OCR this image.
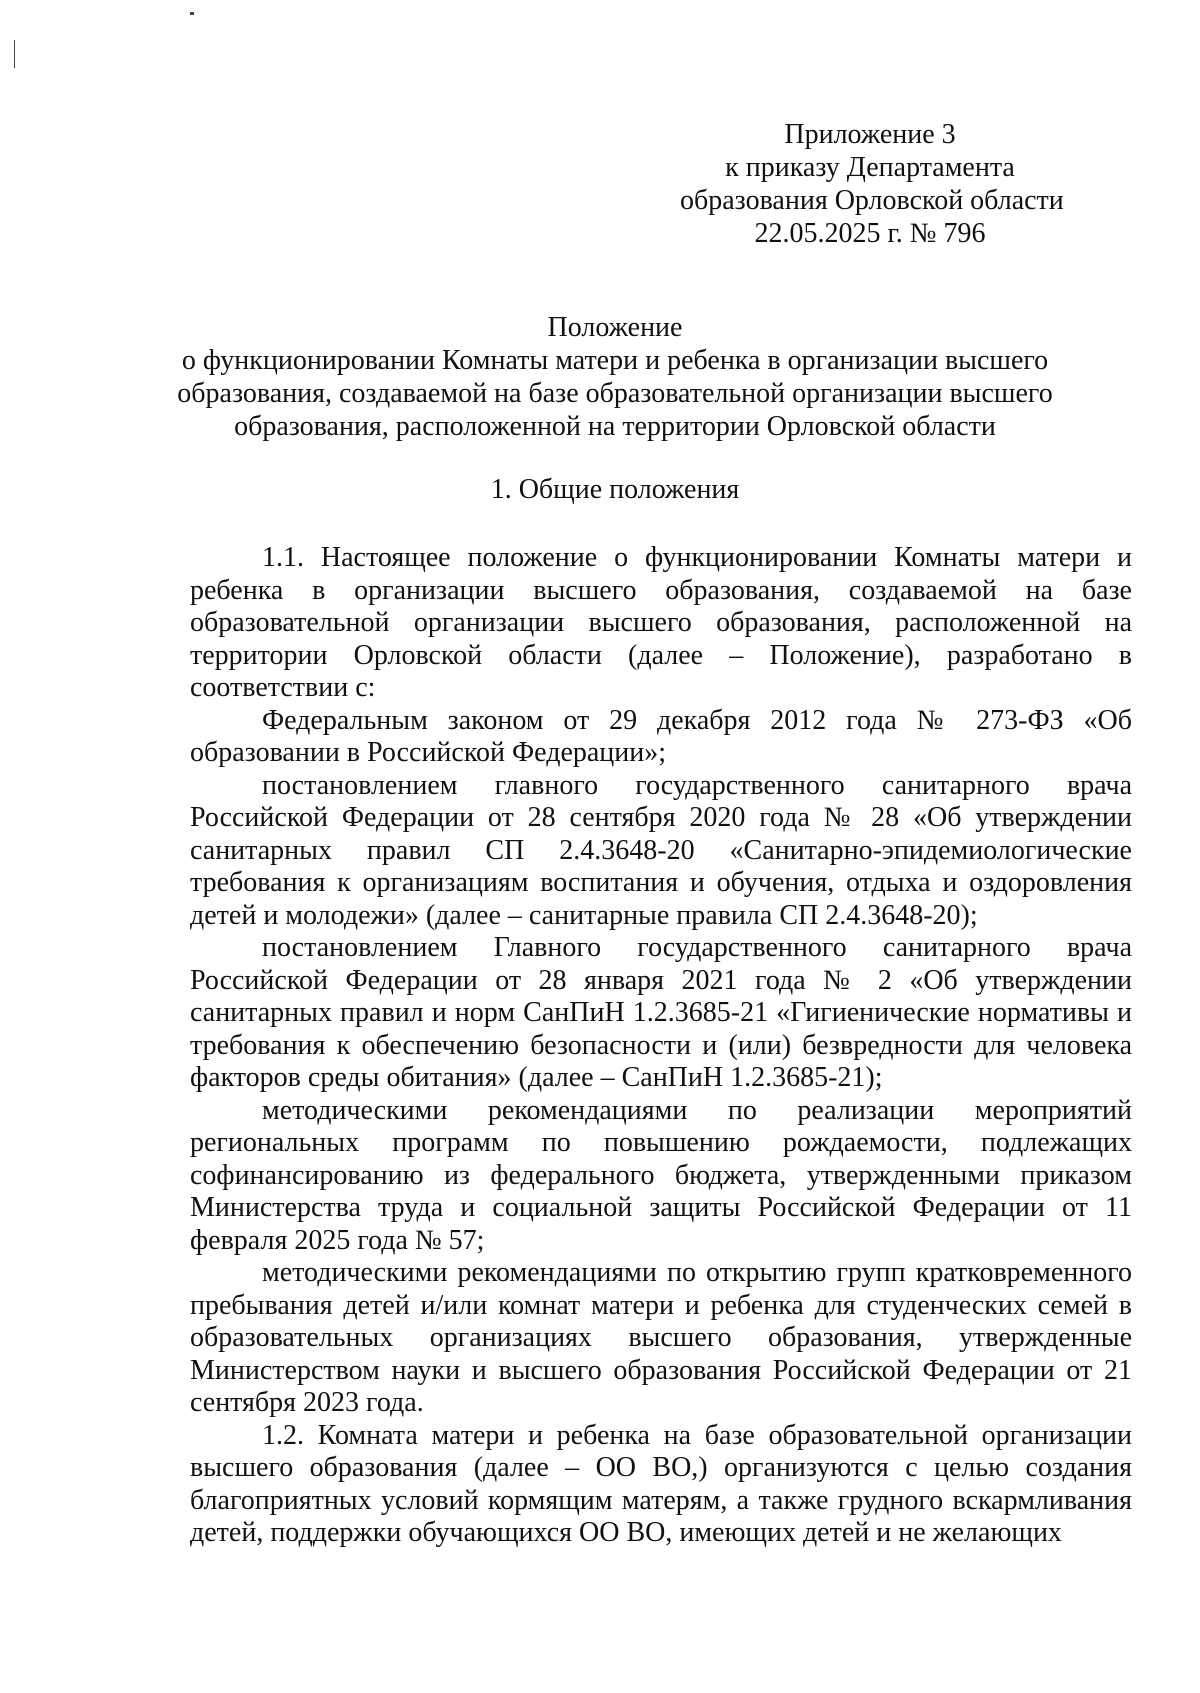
Приложение 3
к приказу Департамента
образования Орловской области
22.05.2025 г. № 796
Положение
о функционировании Комнаты матери и ребенка в организации высшего
образования, создаваемой на базе образовательной организации высшего
образования, расположенной на территории Орловской области
1. Общие положения

1.1. Настоящее положение о функционировании Комнаты матери и ребенка в организации высшего образования, создаваемой на базе образовательной организации высшего образования, расположенной на территории Орловской области (далее – Положение), разработано в соответствии с:

Федеральным законом от 29 декабря 2012 года № 273-ФЗ «Об образовании в Российской Федерации»;

постановлением главного государственного санитарного врача Российской Федерации от 28 сентября 2020 года № 28 «Об утверждении санитарных правил СП 2.4.3648-20 «Санитарно-эпидемиологические требования к организациям воспитания и обучения, отдыха и оздоровления детей и молодежи» (далее – санитарные правила СП 2.4.3648-20);

постановлением Главного государственного санитарного врача Российской Федерации от 28 января 2021 года № 2 «Об утверждении санитарных правил и норм СанПиН 1.2.3685-21 «Гигиенические нормативы и требования к обеспечению безопасности и (или) безвредности для человека факторов среды обитания» (далее – СанПиН 1.2.3685-21);

методическими рекомендациями по реализации мероприятий региональных программ по повышению рождаемости, подлежащих софинансированию из федерального бюджета, утвержденными приказом Министерства труда и социальной защиты Российской Федерации от 11 февраля 2025 года № 57;

методическими рекомендациями по открытию групп кратковременного пребывания детей и/или комнат матери и ребенка для студенческих семей в образовательных организациях высшего образования, утвержденные Министерством науки и высшего образования Российской Федерации от 21 сентября 2023 года.

1.2. Комната матери и ребенка на базе образовательной организации высшего образования (далее – ОО ВО,) организуются с целью создания благоприятных условий кормящим матерям, а также грудного вскармливания детей, поддержки обучающихся ОО ВО, имеющих детей и не желающих
